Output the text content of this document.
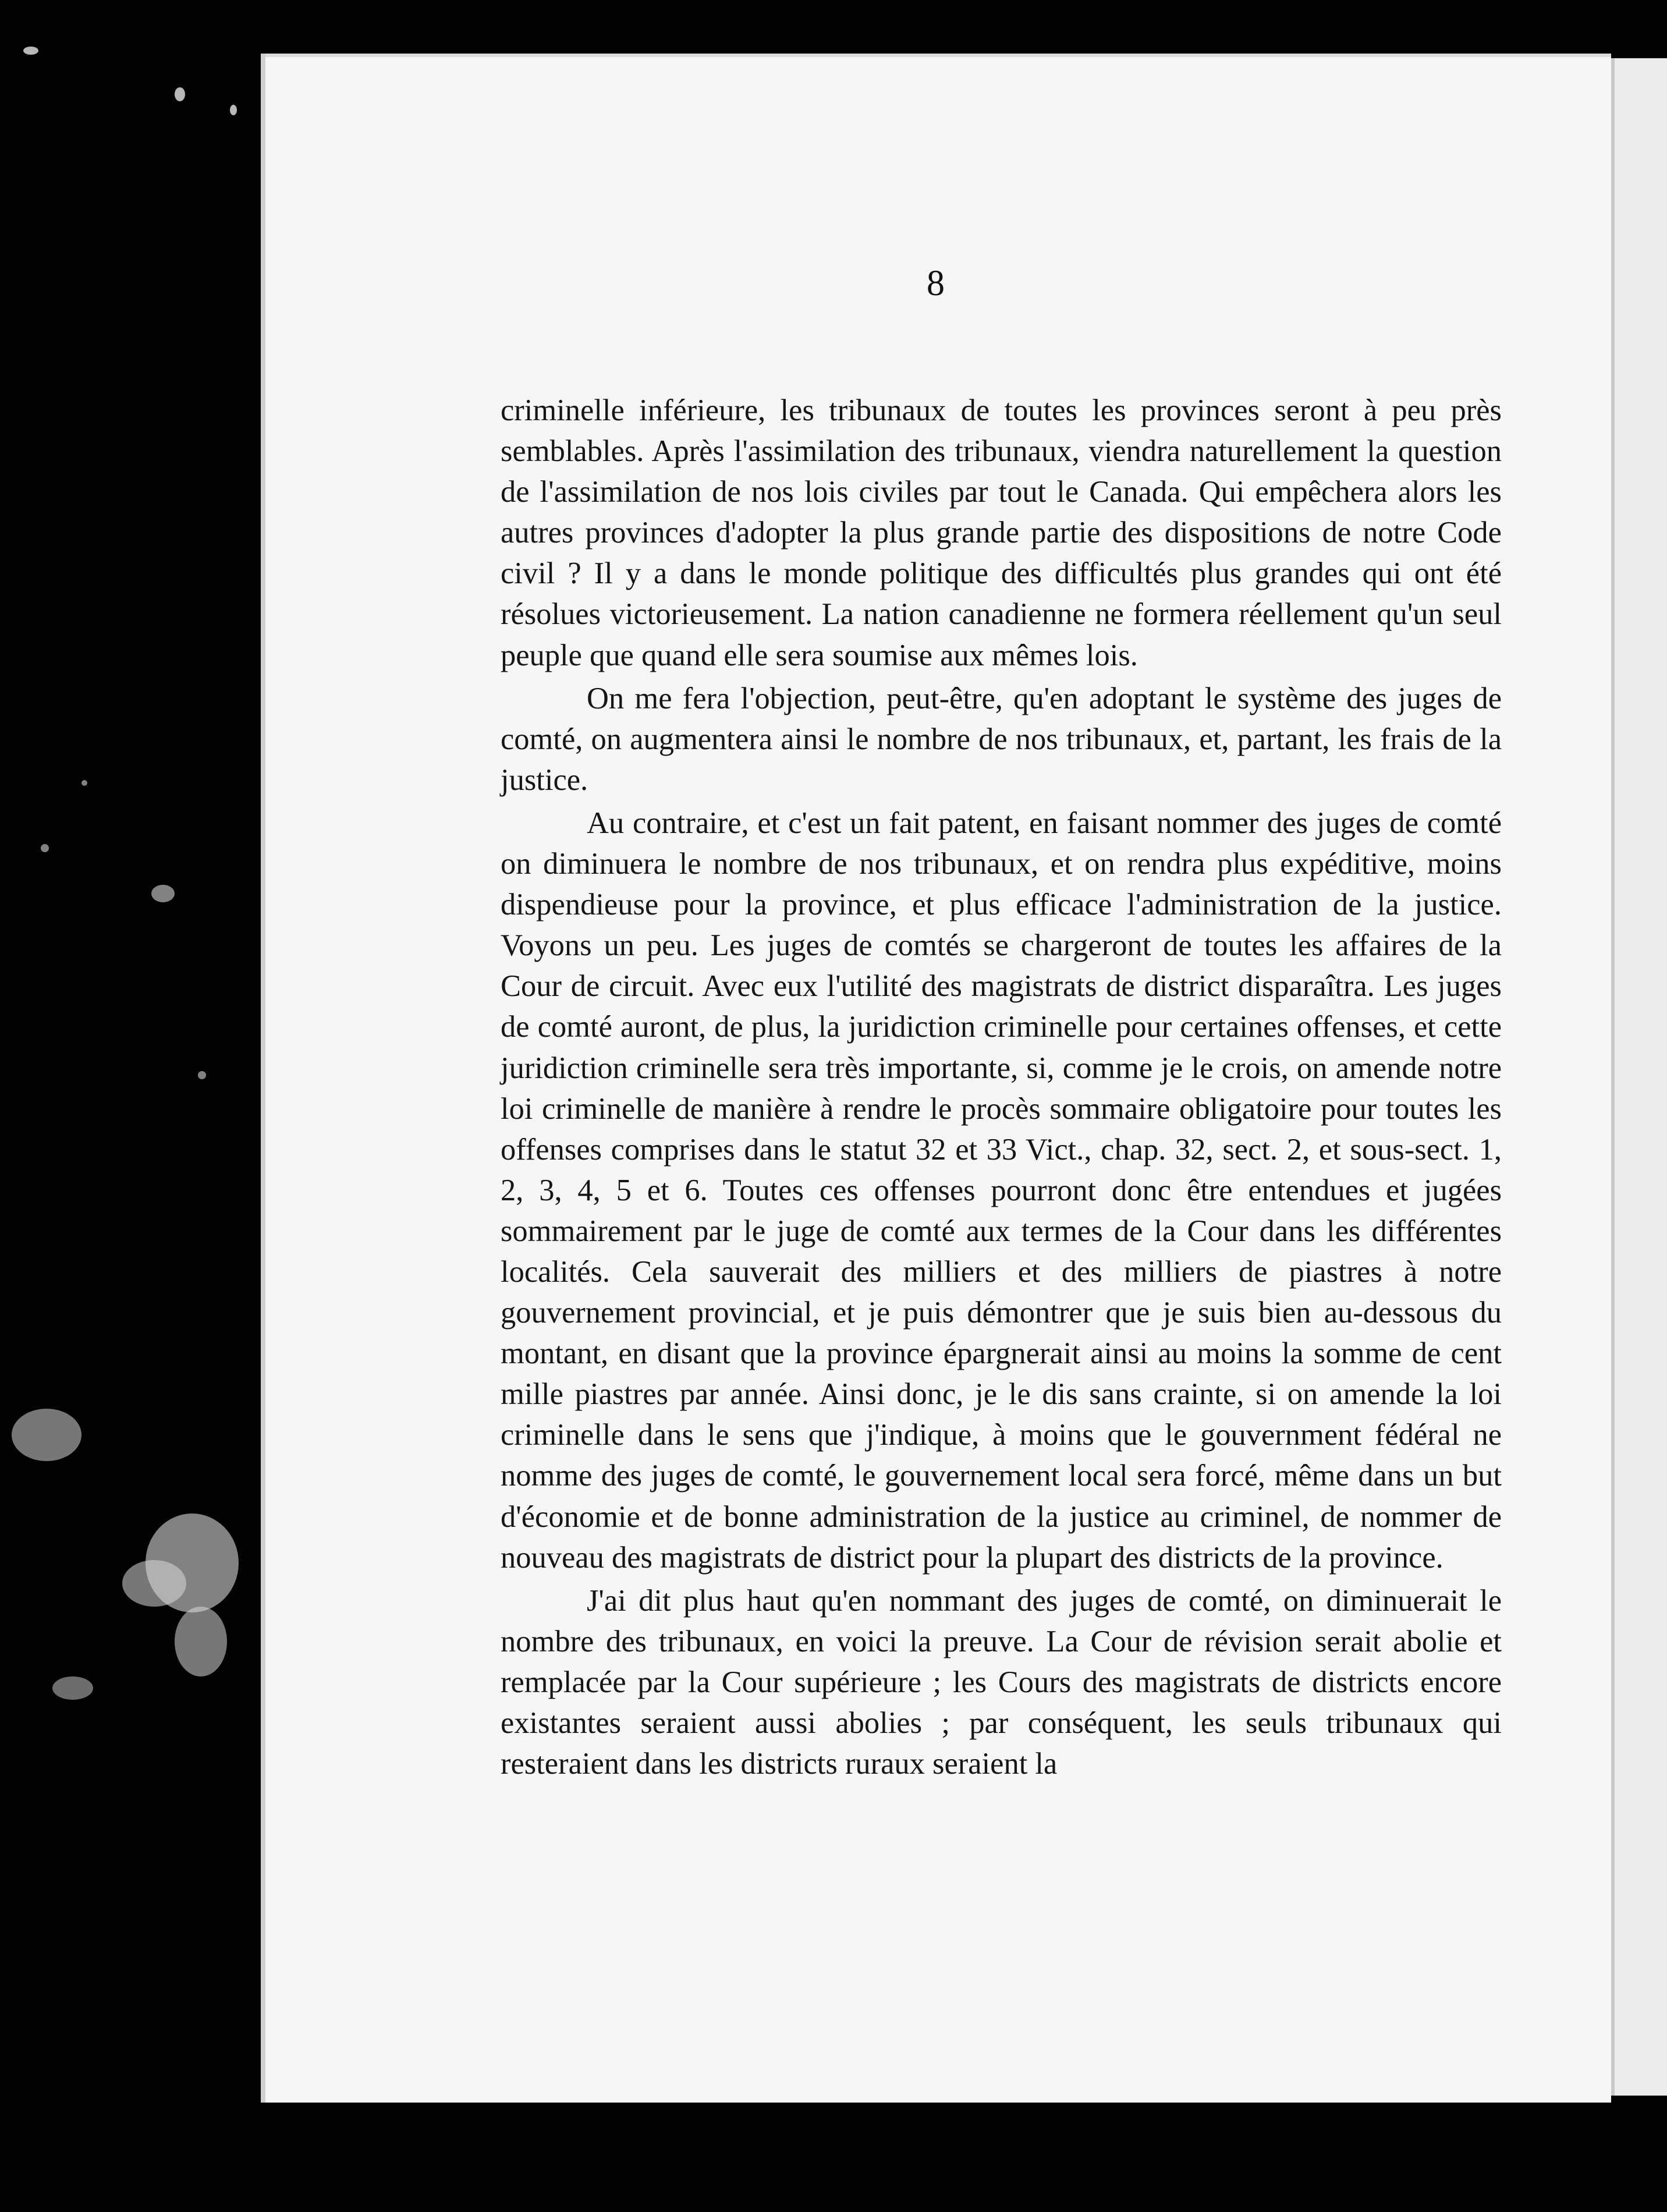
8

criminelle inférieure, les tribunaux de toutes les provinces seront à peu près semblables. Après l'assimilation des tribunaux, viendra naturellement la question de l'assimilation de nos lois civiles par tout le Canada. Qui empêchera alors les autres provinces d'adopter la plus grande partie des dispositions de notre Code civil ? Il y a dans le monde politique des difficultés plus grandes qui ont été résolues victorieusement. La nation canadienne ne formera réellement qu'un seul peuple que quand elle sera soumise aux mêmes lois.

On me fera l'objection, peut-être, qu'en adoptant le système des juges de comté, on augmentera ainsi le nombre de nos tribunaux, et, partant, les frais de la justice.

Au contraire, et c'est un fait patent, en faisant nommer des juges de comté on diminuera le nombre de nos tribunaux, et on rendra plus expéditive, moins dispendieuse pour la province, et plus efficace l'administration de la justice. Voyons un peu. Les juges de comtés se chargeront de toutes les affaires de la Cour de circuit. Avec eux l'utilité des magistrats de district disparaîtra. Les juges de comté auront, de plus, la juridiction criminelle pour certaines offenses, et cette juridiction criminelle sera très importante, si, comme je le crois, on amende notre loi criminelle de manière à rendre le procès sommaire obligatoire pour toutes les offenses comprises dans le statut 32 et 33 Vict., chap. 32, sect. 2, et sous-sect. 1, 2, 3, 4, 5 et 6. Toutes ces offenses pourront donc être entendues et jugées sommairement par le juge de comté aux termes de la Cour dans les différentes localités. Cela sauverait des milliers et des milliers de piastres à notre gouvernement provincial, et je puis démontrer que je suis bien au-dessous du montant, en disant que la province épargnerait ainsi au moins la somme de cent mille piastres par année. Ainsi donc, je le dis sans crainte, si on amende la loi criminelle dans le sens que j'indique, à moins que le gouvernment fédéral ne nomme des juges de comté, le gouvernement local sera forcé, même dans un but d'économie et de bonne administration de la justice au criminel, de nommer de nouveau des magistrats de district pour la plupart des districts de la province.

J'ai dit plus haut qu'en nommant des juges de comté, on diminuerait le nombre des tribunaux, en voici la preuve. La Cour de révision serait abolie et remplacée par la Cour supérieure ; les Cours des magistrats de districts encore existantes seraient aussi abolies ; par conséquent, les seuls tribunaux qui resteraient dans les districts ruraux seraient la
